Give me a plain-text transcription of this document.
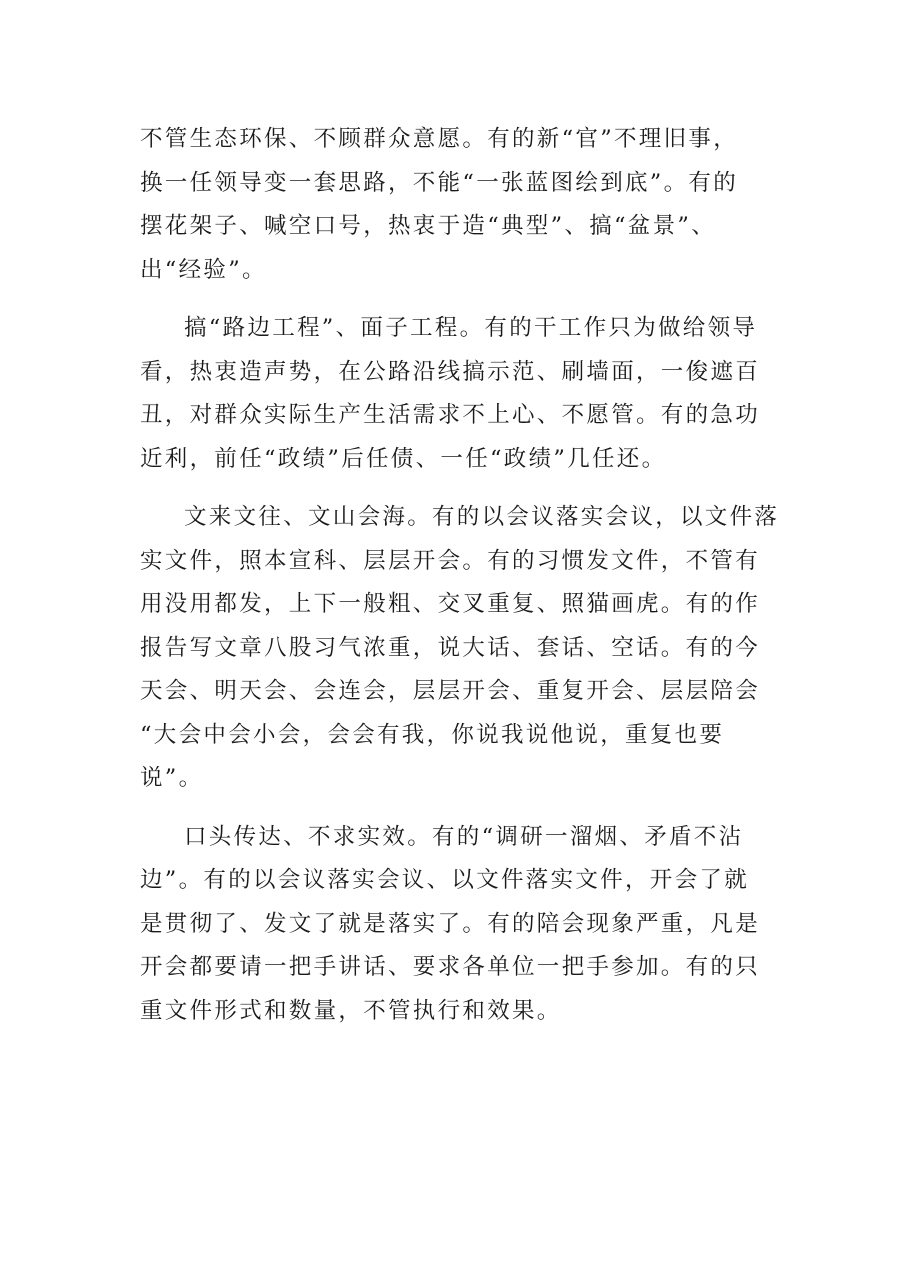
不管生态环保、不顾群众意愿。有的新“官”不理旧事，
换一任领导变一套思路，不能“一张蓝图绘到底”。有的
摆花架子、喊空口号，热衷于造“典型”、搞“盆景”、
出“经验”。

搞“路边工程”、面子工程。有的干工作只为做给领导
看，热衷造声势，在公路沿线搞示范、刷墙面，一俊遮百
丑，对群众实际生产生活需求不上心、不愿管。有的急功
近利，前任“政绩”后任债、一任“政绩”几任还。

文来文往、文山会海。有的以会议落实会议，以文件落
实文件，照本宣科、层层开会。有的习惯发文件，不管有
用没用都发，上下一般粗、交叉重复、照猫画虎。有的作
报告写文章八股习气浓重，说大话、套话、空话。有的今
天会、明天会、会连会，层层开会、重复开会、层层陪会
“大会中会小会，会会有我，你说我说他说，重复也要
说”。

口头传达、不求实效。有的“调研一溜烟、矛盾不沾
边”。有的以会议落实会议、以文件落实文件，开会了就
是贯彻了、发文了就是落实了。有的陪会现象严重，凡是
开会都要请一把手讲话、要求各单位一把手参加。有的只
重文件形式和数量，不管执行和效果。
